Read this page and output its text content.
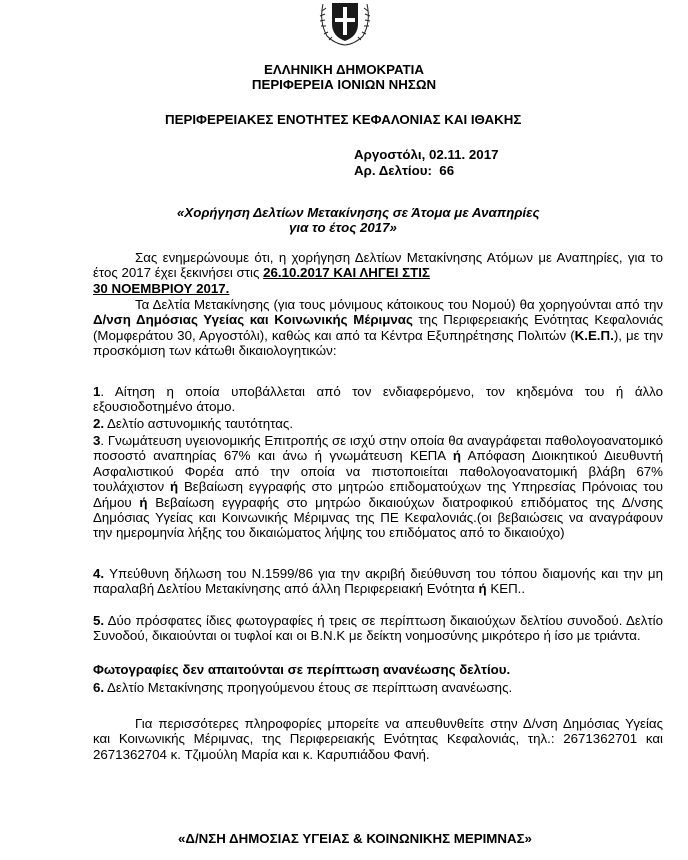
ΕΛΛΗΝΙΚΗ ΔΗΜΟΚΡΑΤΙΑ
ΠΕΡΙΦΕΡΕΙΑ ΙΟΝΙΩΝ ΝΗΣΩΝ
ΠΕΡΙΦΕΡΕΙΑΚΕΣ ΕΝΟΤΗΤΕΣ ΚΕΦΑΛΟΝΙΑΣ ΚΑΙ ΙΘΑΚΗΣ
Αργοστόλι, 02.11. 2017
Αρ. Δελτίου: 66
«Χορήγηση Δελτίων Μετακίνησης σε Άτομα με Αναπηρίες
για το έτος 2017»
Σας ενημερώνουμε ότι, η χορήγηση Δελτίων Μετακίνησης Ατόμων με Αναπηρίες, για το έτος 2017 έχει ξεκινήσει στις 26.10.2017 ΚΑΙ ΛΗΓΕΙ ΣΤΙΣ
30 ΝΟΕΜΒΡΙΟΥ 2017.
Τα Δελτία Μετακίνησης (για τους μόνιμους κάτοικους του Νομού) θα χορηγούνται από την Δ/νση Δημόσιας Υγείας και Κοινωνικής Μέριμνας της Περιφερειακής Ενότητας Κεφαλονιάς (Μομφεράτου 30, Αργοστόλι), καθώς και από τα Κέντρα Εξυπηρέτησης Πολιτών (Κ.Ε.Π.), με την προσκόμιση των κάτωθι δικαιολογητικών:
1. Αίτηση η οποία υποβάλλεται από τον ενδιαφερόμενο, τον κηδεμόνα του ή άλλο εξουσιοδοτημένο άτομο.
2. Δελτίο αστυνομικής ταυτότητας.
3. Γνωμάτευση υγειονομικής Επιτροπής σε ισχύ στην οποία θα αναγράφεται παθολογοανατομικό ποσοστό αναπηρίας 67% και άνω ή γνωμάτευση ΚΕΠΑ ή Απόφαση Διοικητικού Διευθυντή Ασφαλιστικού Φορέα από την οποία να πιστοποιείται παθολογοανατομική βλάβη 67% τουλάχιστον ή Βεβαίωση εγγραφής στο μητρώο επιδοματούχων της Υπηρεσίας Πρόνοιας του Δήμου ή Βεβαίωση εγγραφής στο μητρώο δικαιούχων διατροφικού επιδόματος της Δ/νσης Δημόσιας Υγείας και Κοινωνικής Μέριμνας της ΠΕ Κεφαλονιάς.(οι βεβαιώσεις να αναγράφουν την ημερομηνία λήξης του δικαιώματος λήψης του επιδόματος από το δικαιούχο)
4. Υπεύθυνη δήλωση του Ν.1599/86 για την ακριβή διεύθυνση του τόπου διαμονής και την μη παραλαβή Δελτίου Μετακίνησης από άλλη Περιφερειακή Ενότητα ή ΚΕΠ..
5. Δύο πρόσφατες ίδιες φωτογραφίες ή τρεις σε περίπτωση δικαιούχων δελτίου συνοδού. Δελτίο Συνοδού, δικαιούνται οι τυφλοί και οι Β.Ν.Κ με δείκτη νοημοσύνης μικρότερο ή ίσο με τριάντα.
Φωτογραφίες δεν απαιτούνται σε περίπτωση ανανέωσης δελτίου.
6. Δελτίο Μετακίνησης προηγούμενου έτους σε περίπτωση ανανέωσης.
Για περισσότερες πληροφορίες μπορείτε να απευθυνθείτε στην Δ/νση Δημόσιας Υγείας και Κοινωνικής Μέριμνας, της Περιφερειακής Ενότητας Κεφαλονιάς, τηλ.: 2671362701 και 2671362704 κ. Τζιμούλη Μαρία και κ. Καρυπιάδου Φανή.
«Δ/ΝΣΗ ΔΗΜΟΣΙΑΣ ΥΓΕΙΑΣ & ΚΟΙΝΩΝΙΚΗΣ ΜΕΡΙΜΝΑΣ»
